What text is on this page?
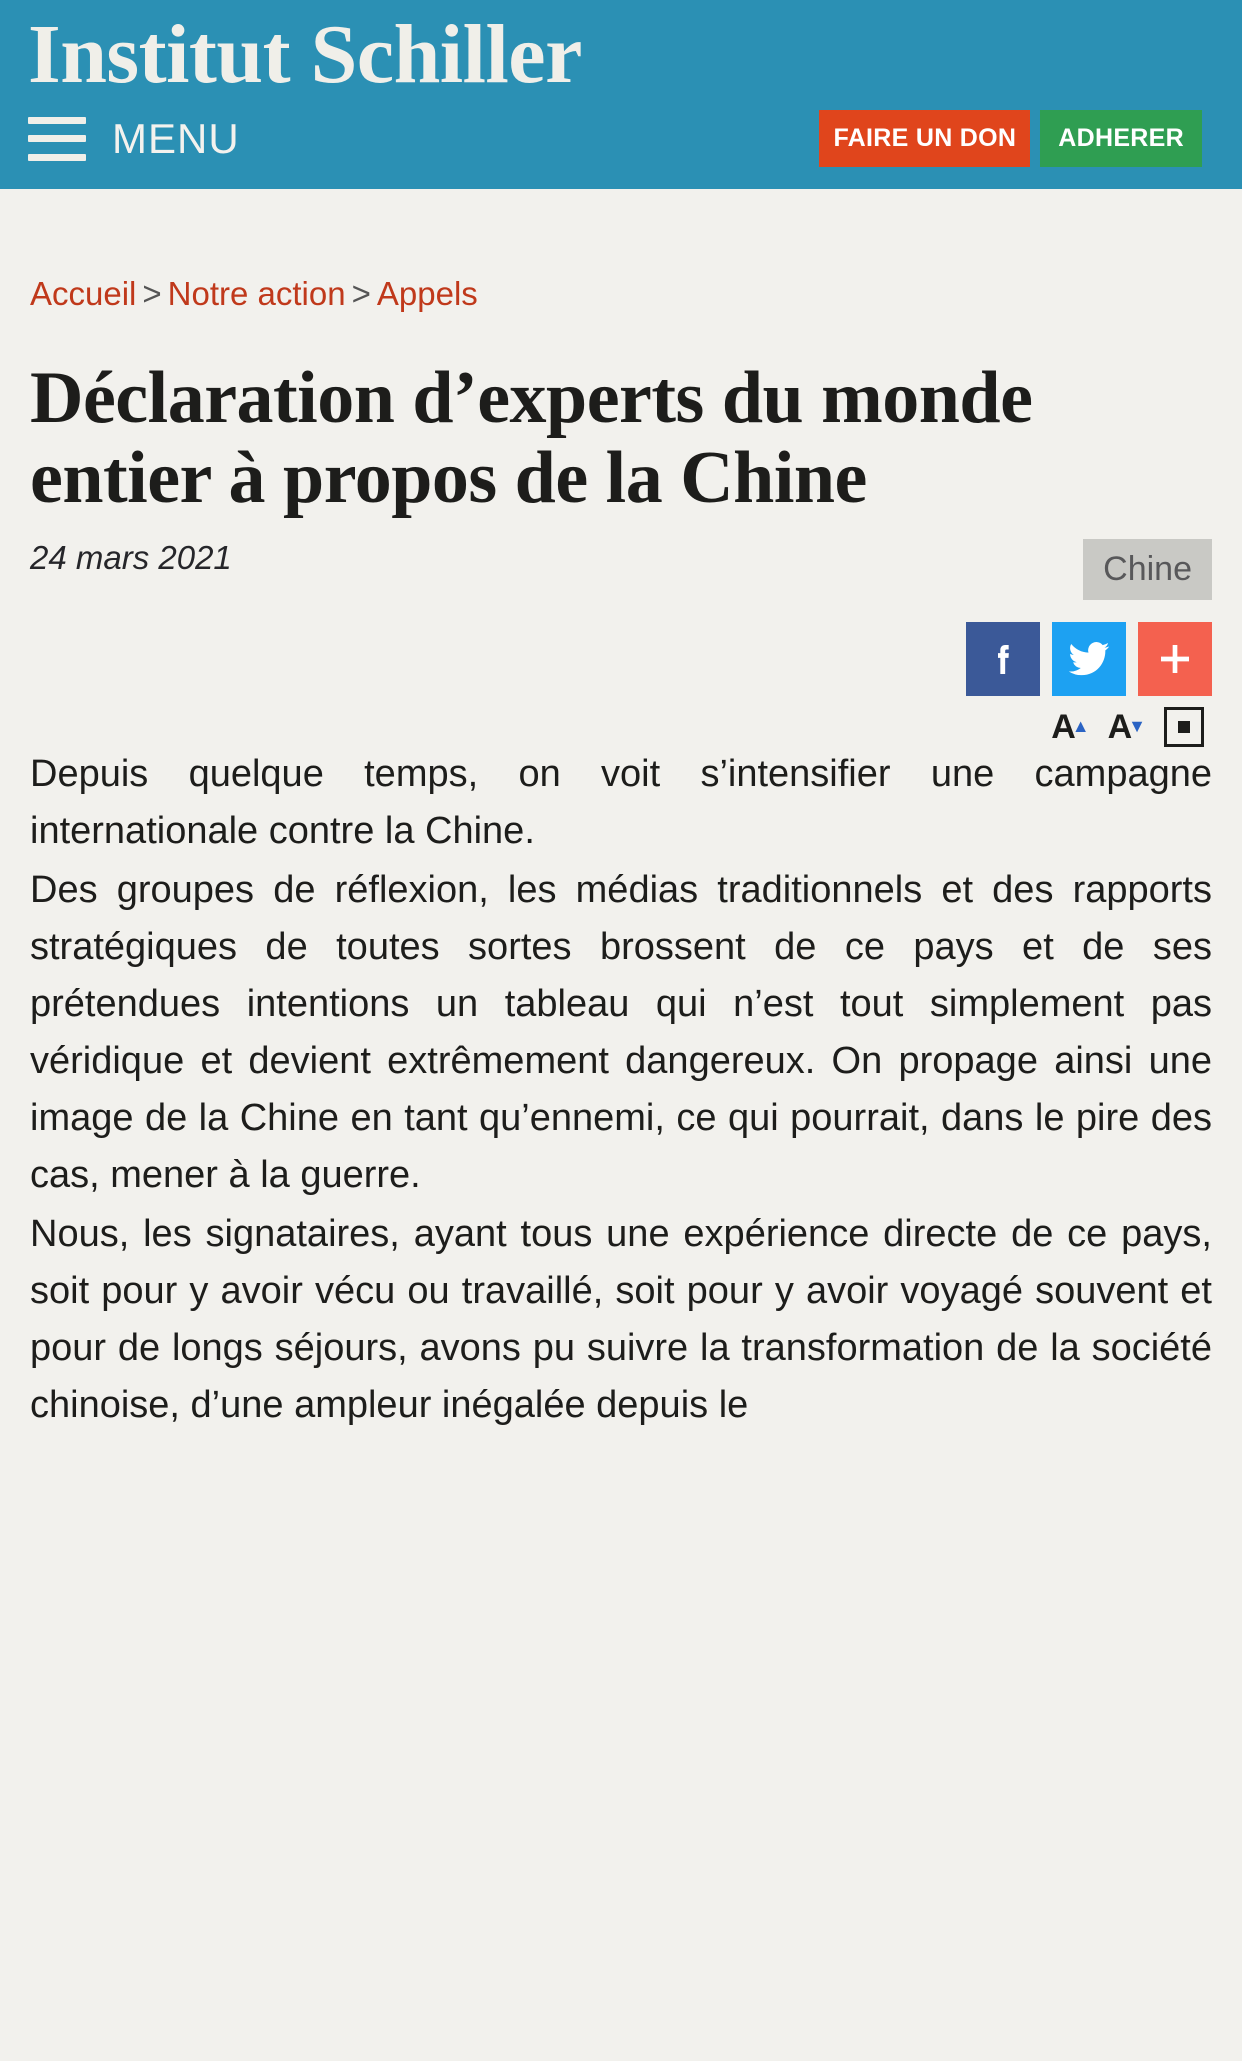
Institut Schiller
MENU	FAIRE UN DON	ADHERER
Accueil > Notre action > Appels
Déclaration d’experts du monde entier à propos de la Chine
24 mars 2021	Chine
A
▲ A
▼

Depuis quelque temps, on voit s’intensifier une campagne internationale contre la Chine.

Des groupes de réflexion, les médias traditionnels et des rapports stratégiques de toutes sortes brossent de ce pays et de ses prétendues intentions un tableau qui n’est tout simplement pas véridique et devient extrêmement dangereux. On propage ainsi une image de la Chine en tant qu’ennemi, ce qui pourrait, dans le pire des cas, mener à la guerre.

Nous, les signataires, ayant tous une expérience directe de ce pays, soit pour y avoir vécu ou travaillé, soit pour y avoir voyagé souvent et pour de longs séjours, avons pu suivre la transformation de la société chinoise, d’une ampleur inégalée depuis le
